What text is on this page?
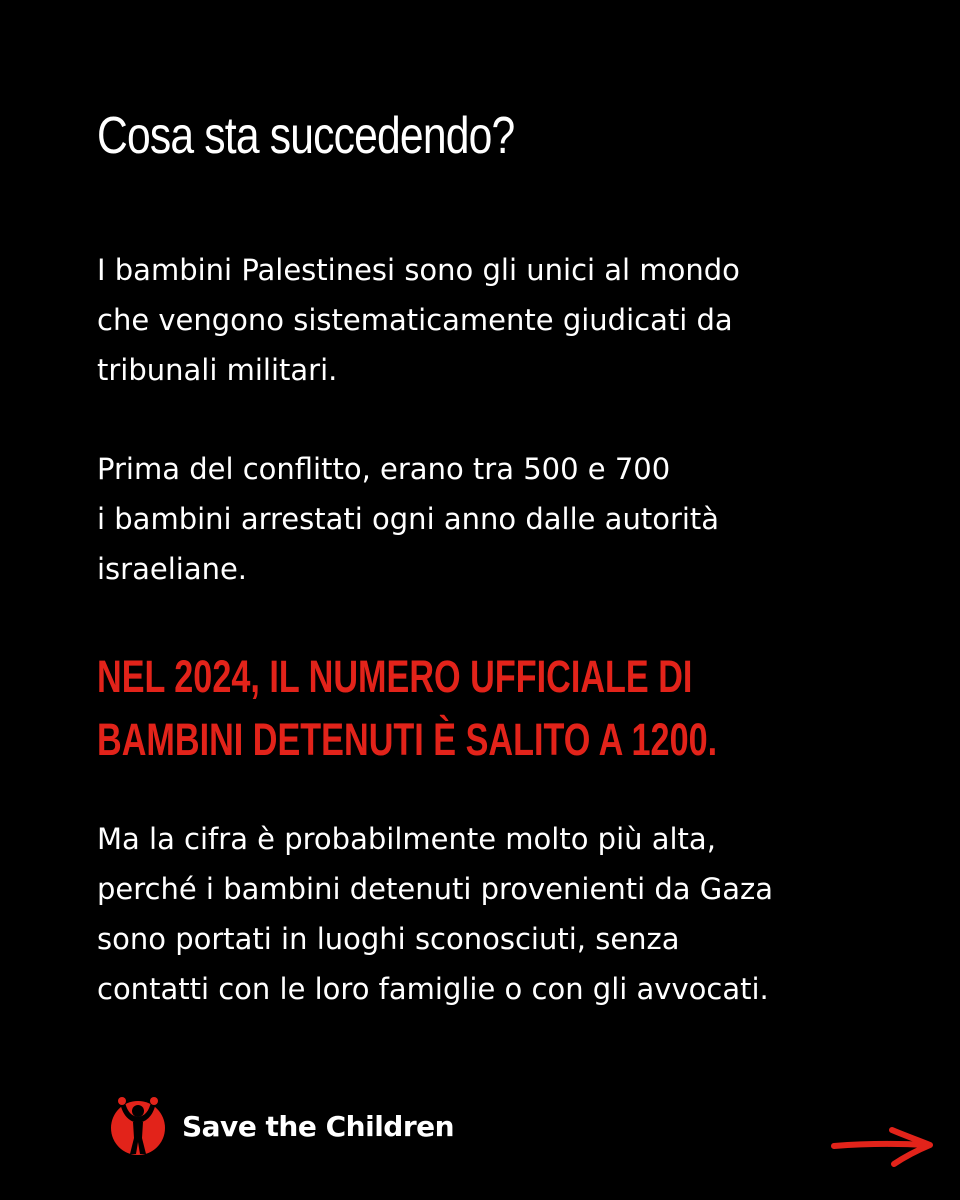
Cosa sta succedendo?

I bambini Palestinesi sono gli unici al mondo
che vengono sistematicamente giudicati da
tribunali militari.

Prima del conflitto, erano tra 500 e 700
i bambini arrestati ogni anno dalle autorità
israeliane.

NEL 2024, IL NUMERO UFFICIALE DI
BAMBINI DETENUTI È SALITO A 1200.

Ma la cifra è probabilmente molto più alta,
perché i bambini detenuti provenienti da Gaza
sono portati in luoghi sconosciuti, senza
contatti con le loro famiglie o con gli avvocati.

Save the Children
